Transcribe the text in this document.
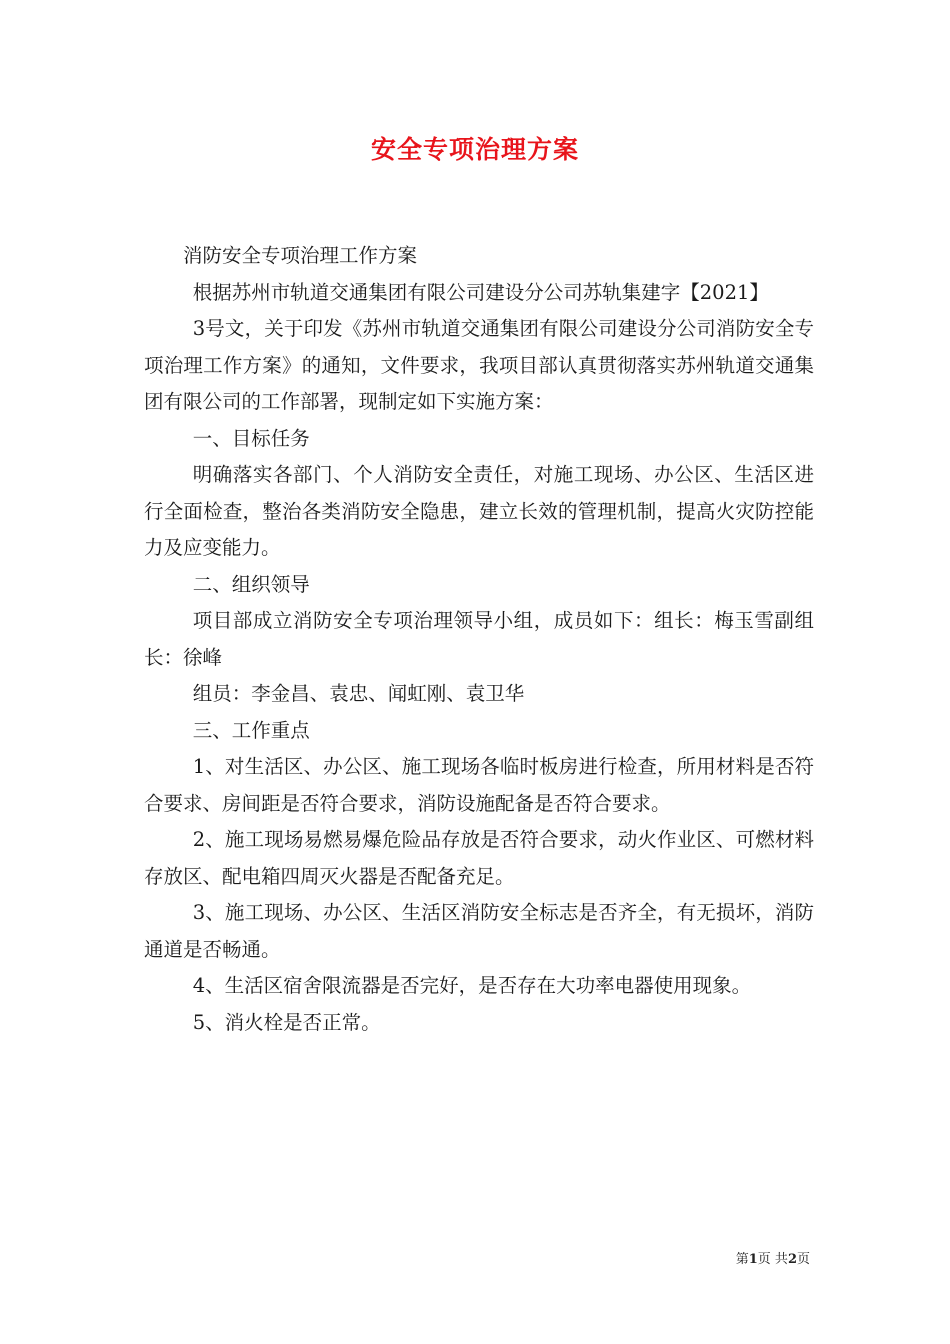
安全专项治理方案

消防安全专项治理工作方案

根据苏州市轨道交通集团有限公司建设分公司苏轨集建字【2021】

3号文，关于印发《苏州市轨道交通集团有限公司建设分公司消防安全专项治理工作方案》的通知，文件要求，我项目部认真贯彻落实苏州轨道交通集团有限公司的工作部署，现制定如下实施方案：

一、目标任务

明确落实各部门、个人消防安全责任，对施工现场、办公区、生活区进行全面检查，整治各类消防安全隐患，建立长效的管理机制，提高火灾防控能力及应变能力。

二、组织领导

项目部成立消防安全专项治理领导小组，成员如下：组长：梅玉雪副组长：徐峰

组员：李金昌、袁忠、闻虹刚、袁卫华

三、工作重点

1、对生活区、办公区、施工现场各临时板房进行检查，所用材料是否符合要求、房间距是否符合要求，消防设施配备是否符合要求。

2、施工现场易燃易爆危险品存放是否符合要求，动火作业区、可燃材料存放区、配电箱四周灭火器是否配备充足。

3、施工现场、办公区、生活区消防安全标志是否齐全，有无损坏，消防通道是否畅通。

4、生活区宿舍限流器是否完好，是否存在大功率电器使用现象。

5、消火栓是否正常。

第1页 共2页
